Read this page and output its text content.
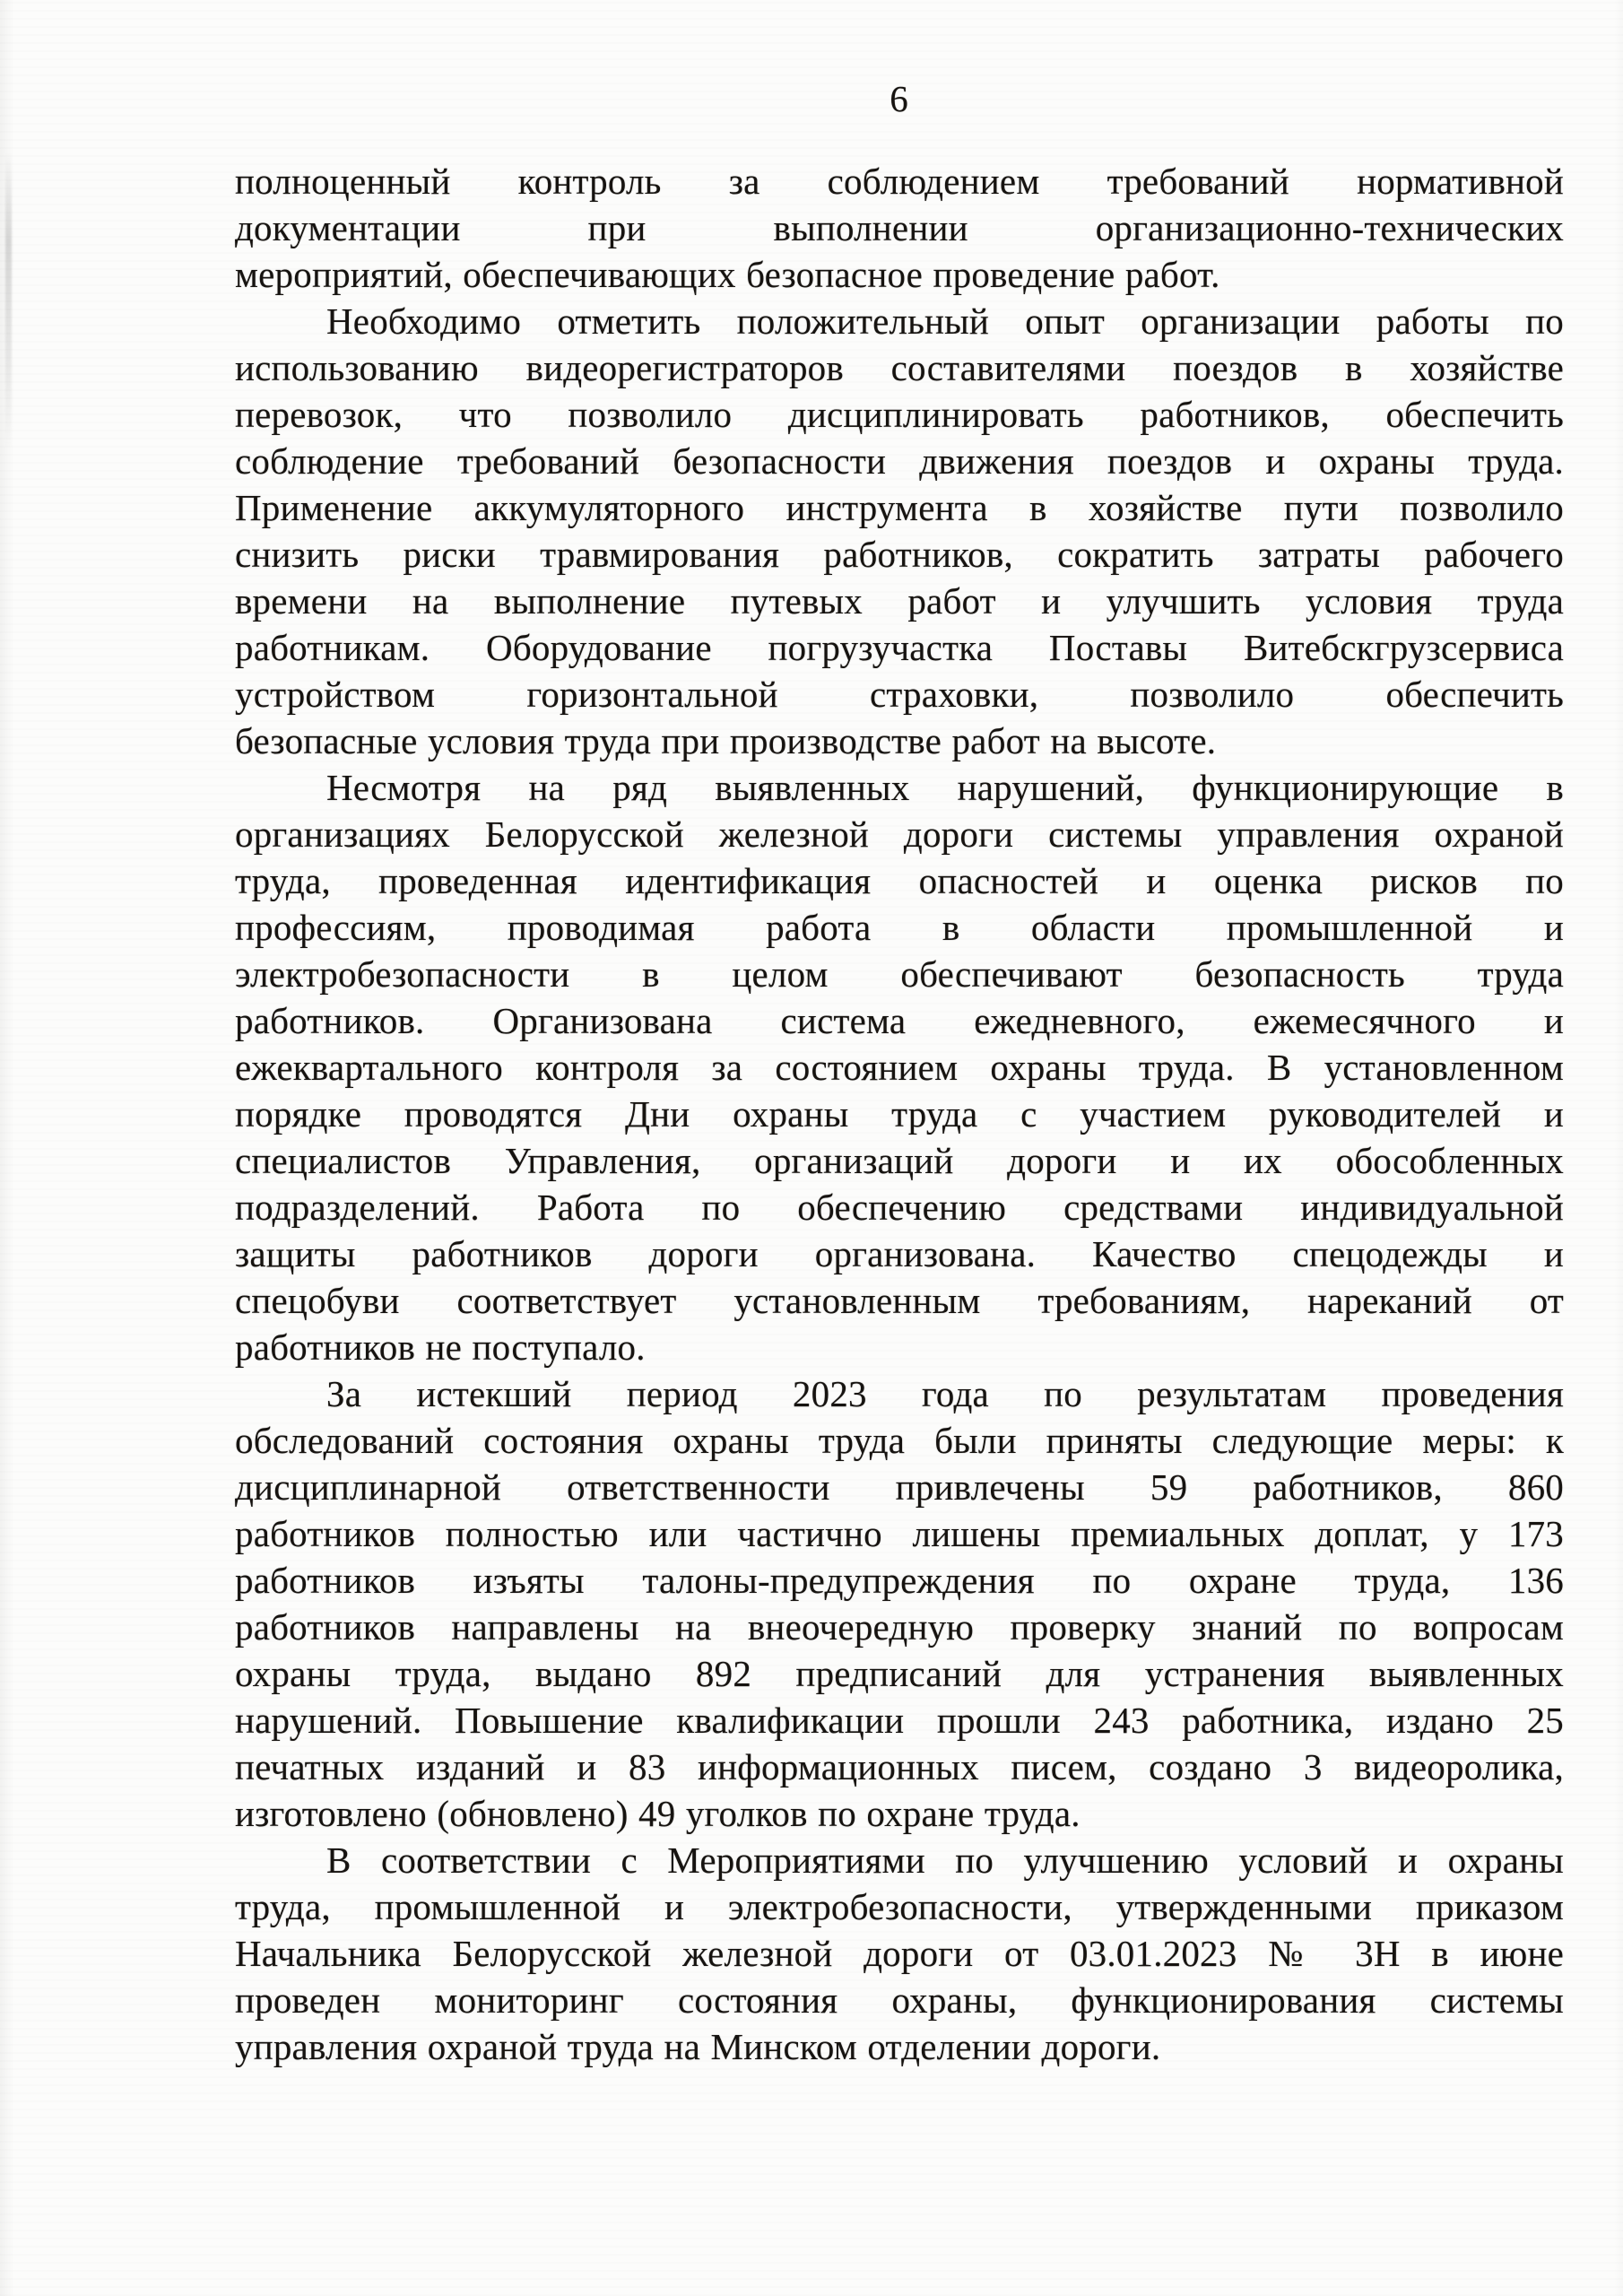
6
полноценный контроль за соблюдением требований нормативной
документации при выполнении организационно-технических
мероприятий, обеспечивающих безопасное проведение работ.
Необходимо отметить положительный опыт организации работы по
использованию видеорегистраторов составителями поездов в хозяйстве
перевозок, что позволило дисциплинировать работников, обеспечить
соблюдение требований безопасности движения поездов и охраны труда.
Применение аккумуляторного инструмента в хозяйстве пути позволило
снизить риски травмирования работников, сократить затраты рабочего
времени на выполнение путевых работ и улучшить условия труда
работникам. Оборудование погрузучастка Поставы Витебскгрузсервиса
устройством горизонтальной страховки, позволило обеспечить
безопасные условия труда при производстве работ на высоте.
Несмотря на ряд выявленных нарушений, функционирующие в
организациях Белорусской железной дороги системы управления охраной
труда, проведенная идентификация опасностей и оценка рисков по
профессиям, проводимая работа в области промышленной и
электробезопасности в целом обеспечивают безопасность труда
работников. Организована система ежедневного, ежемесячного и
ежеквартального контроля за состоянием охраны труда. В установленном
порядке проводятся Дни охраны труда с участием руководителей и
специалистов Управления, организаций дороги и их обособленных
подразделений. Работа по обеспечению средствами индивидуальной
защиты работников дороги организована. Качество спецодежды и
спецобуви соответствует установленным требованиям, нареканий от
работников не поступало.
За истекший период 2023 года по результатам проведения
обследований состояния охраны труда были приняты следующие меры: к
дисциплинарной ответственности привлечены 59 работников, 860
работников полностью или частично лишены премиальных доплат, у 173
работников изъяты талоны-предупреждения по охране труда, 136
работников направлены на внеочередную проверку знаний по вопросам
охраны труда, выдано 892 предписаний для устранения выявленных
нарушений. Повышение квалификации прошли 243 работника, издано 25
печатных изданий и 83 информационных писем, создано 3 видеоролика,
изготовлено (обновлено) 49 уголков по охране труда.
В соответствии с Мероприятиями по улучшению условий и охраны
труда, промышленной и электробезопасности, утвержденными приказом
Начальника Белорусской железной дороги от 03.01.2023 № 3Н в июне
проведен мониторинг состояния охраны, функционирования системы
управления охраной труда на Минском отделении дороги.
